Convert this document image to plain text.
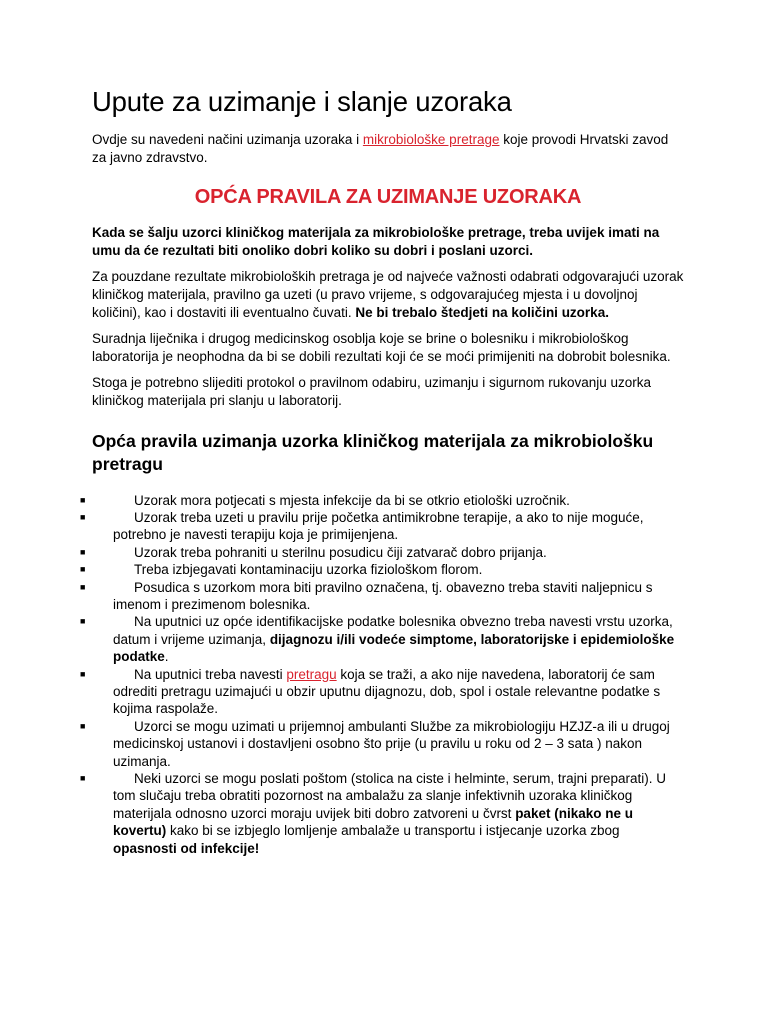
Upute za uzimanje i slanje uzoraka

Ovdje su navedeni načini uzimanja uzoraka i mikrobiološke pretrage koje provodi Hrvatski zavod za javno zdravstvo.

OPĆA PRAVILA ZA UZIMANJE UZORAKA

Kada se šalju uzorci kliničkog materijala za mikrobiološke pretrage, treba uvijek imati na umu da će rezultati biti onoliko dobri koliko su dobri i poslani uzorci.

Za pouzdane rezultate mikrobioloških pretraga je od najveće važnosti odabrati odgovarajući uzorak kliničkog materijala, pravilno ga uzeti (u pravo vrijeme, s odgovarajućeg mjesta i u dovoljnoj količini), kao i dostaviti ili eventualno čuvati. Ne bi trebalo štedjeti na količini uzorka.

Suradnja liječnika i drugog medicinskog osoblja koje se brine o bolesniku i mikrobiološkog laboratorija je neophodna da bi se dobili rezultati koji će se moći primijeniti na dobrobit bolesnika.

Stoga je potrebno slijediti protokol o pravilnom odabiru, uzimanju i sigurnom rukovanju uzorka kliničkog materijala pri slanju u laboratorij.

Opća pravila uzimanja uzorka kliničkog materijala za mikrobiološku pretragu
■	Uzorak mora potjecati s mjesta infekcije da bi se otkrio etiološki uzročnik.
■	Uzorak treba uzeti u pravilu prije početka antimikrobne terapije, a ako to nije moguće, potrebno je navesti terapiju koja je primijenjena.
■	Uzorak treba pohraniti u sterilnu posudicu čiji zatvarač dobro prijanja.
■	Treba izbjegavati kontaminaciju uzorka fiziološkom florom.
■	Posudica s uzorkom mora biti pravilno označena, tj. obavezno treba staviti naljepnicu s imenom i prezimenom bolesnika.
■	Na uputnici uz opće identifikacijske podatke bolesnika obvezno treba navesti vrstu uzorka, datum i vrijeme uzimanja, dijagnozu i/ili vodeće simptome, laboratorijske i epidemiološke podatke.
■	Na uputnici treba navesti pretragu koja se traži, a ako nije navedena, laboratorij će sam odrediti pretragu uzimajući u obzir uputnu dijagnozu, dob, spol i ostale relevantne podatke s kojima raspolaže.
■	Uzorci se mogu uzimati u prijemnoj ambulanti Službe za mikrobiologiju HZJZ-a ili u drugoj medicinskoj ustanovi i dostavljeni osobno što prije (u pravilu u roku od 2 – 3 sata ) nakon uzimanja.
■	Neki uzorci se mogu poslati poštom (stolica na ciste i helminte, serum, trajni preparati). U tom slučaju treba obratiti pozornost na ambalažu za slanje infektivnih uzoraka kliničkog materijala odnosno uzorci moraju uvijek biti dobro zatvoreni u čvrst paket (nikako ne u kovertu) kako bi se izbjeglo lomljenje ambalaže u transportu i istjecanje uzorka zbog opasnosti od infekcije!
